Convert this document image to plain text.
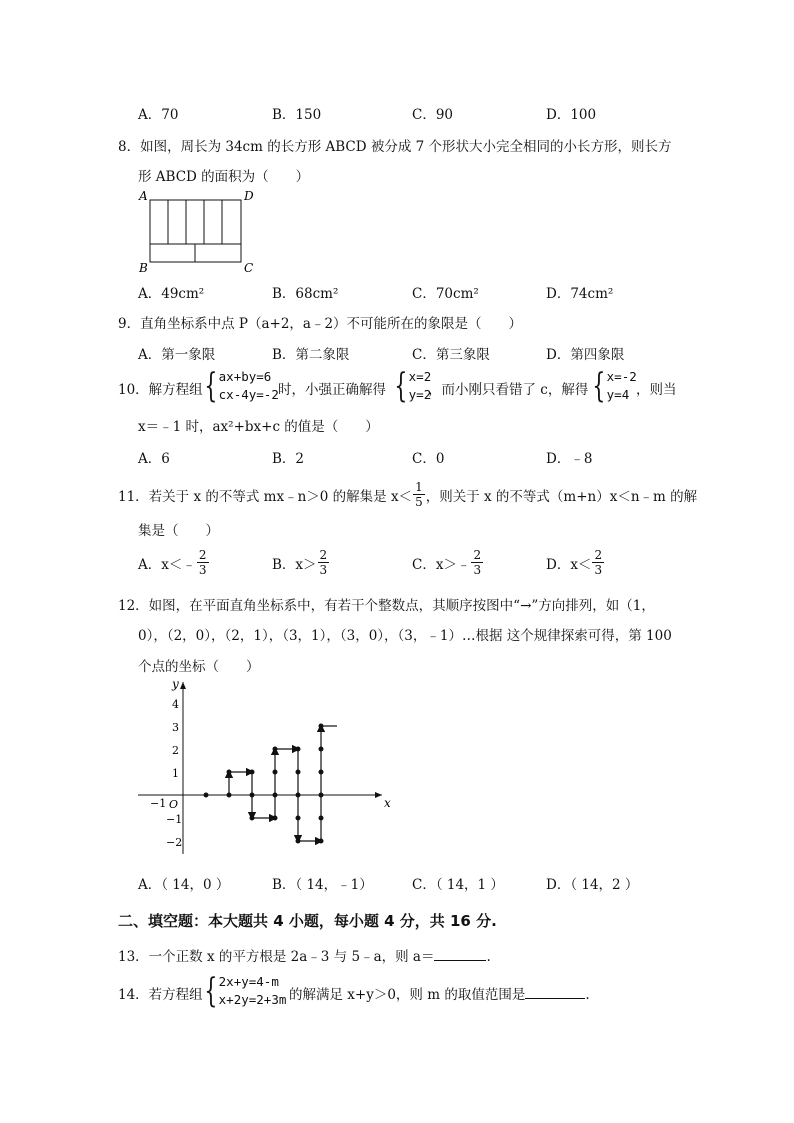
A．70	B．150	C．90	D．100
8．如图，周长为 34cm 的长方形 ABCD 被分成 7 个形状大小完全相同的小长方形，则长方
形 ABCD 的面积为（　　）
A	D
B	C
A．49cm²	B．68cm²	C．70cm²	D．74cm²
9．直角坐标系中点 P（a+2，a﹣2）不可能所在的象限是（　　）
A．第一象限	B．第二象限	C．第三象限	D．第四象限
10．解方程组 { ax+by=6
cx-4y=-2 时，小强正确解得 { x=2
y=2
，而小刚只看错了 c，解得 { x=-2
y=4 ，则当
x＝﹣1 时，ax²+bx+c 的值是（　　）
A．6	B．2	C．0	D．﹣8
11．若关于 x 的不等式 mx﹣n＞0 的解集是 $x< \frac{1}{5}$ ，则关于 x 的不等式（m+n）x＜n﹣m 的解
集是（　　）
A．x＜﹣ $\frac{2}{3}$	B．$x> \frac{2}{3}$	C．x＞﹣ $\frac{2}{3}$	D．$x< \frac{2}{3}$
12．如图，在平面直角坐标系中，有若干个整数点，其顺序按图中“→”方向排列，如（1，
0），（2，0），（2，1），（3，1），（3，0），（3，﹣1）…根据 这个规律探索可得，第 100
个点的坐标（　　）
x
y
O
−1
4
3
2
1
−1
−2
A．（ 14，0 ）	B．（ 14，﹣1）	C．（ 14，1 ）	D．（ 14，2 ）
二、填空题：本大题共 4 小题，每小题 4 分，共 16 分.
13．一个正数 x 的平方根是 2a﹣3 与 5﹣a，则 a＝	.
14．若方程组 { 2x+y=4-m
x+2y=2+3m 的解满足 x+y＞0，则 m 的取值范围是	.
